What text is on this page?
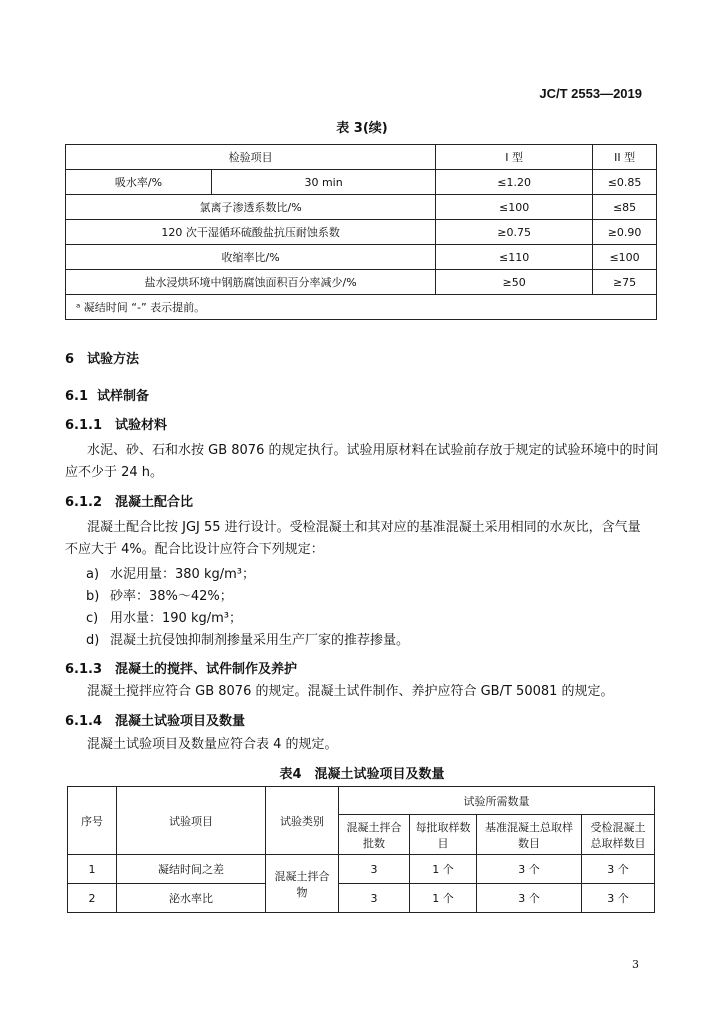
JC/T 2553—2019
表 3(续)
检验项目		I 型	II 型
吸水率/%	30 min	≤1.20	≤0.85
氯离子渗透系数比/%		≤100	≤85
120 次干湿循环硫酸盐抗压耐蚀系数		≥0.75	≥0.90
收缩率比/%		≤110	≤100
盐水浸烘环境中钢筋腐蚀面积百分率减少/%		≥50	≥75
ᵃ 凝结时间 “-” 表示提前。			
6 试验方法
6.1 试样制备
6.1.1 试验材料
水泥、砂、石和水按 GB 8076 的规定执行。试验用原材料在试验前存放于规定的试验环境中的时间
应不少于 24 h。
6.1.2 混凝土配合比
混凝土配合比按 JGJ 55 进行设计。受检混凝土和其对应的基准混凝土采用相同的水灰比，含气量
不应大于 4%。配合比设计应符合下列规定：
a) 水泥用量：380 kg/m³；
b) 砂率：38%～42%；
c) 用水量：190 kg/m³；
d) 混凝土抗侵蚀抑制剂掺量采用生产厂家的推荐掺量。
6.1.3 混凝土的搅拌、试件制作及养护
混凝土搅拌应符合 GB 8076 的规定。混凝土试件制作、养护应符合 GB/T 50081 的规定。
6.1.4 混凝土试验项目及数量
混凝土试验项目及数量应符合表 4 的规定。
表4　混凝土试验项目及数量
序号	试验项目	试验类别	试验所需数量			
			混凝土拌合批数	每批取样数目	基准混凝土总取样数目	受检混凝土总取样数目
1	凝结时间之差	混凝土拌合物	3	1 个	3 个	3 个
2	泌水率比		3	1 个	3 个	3 个
3
